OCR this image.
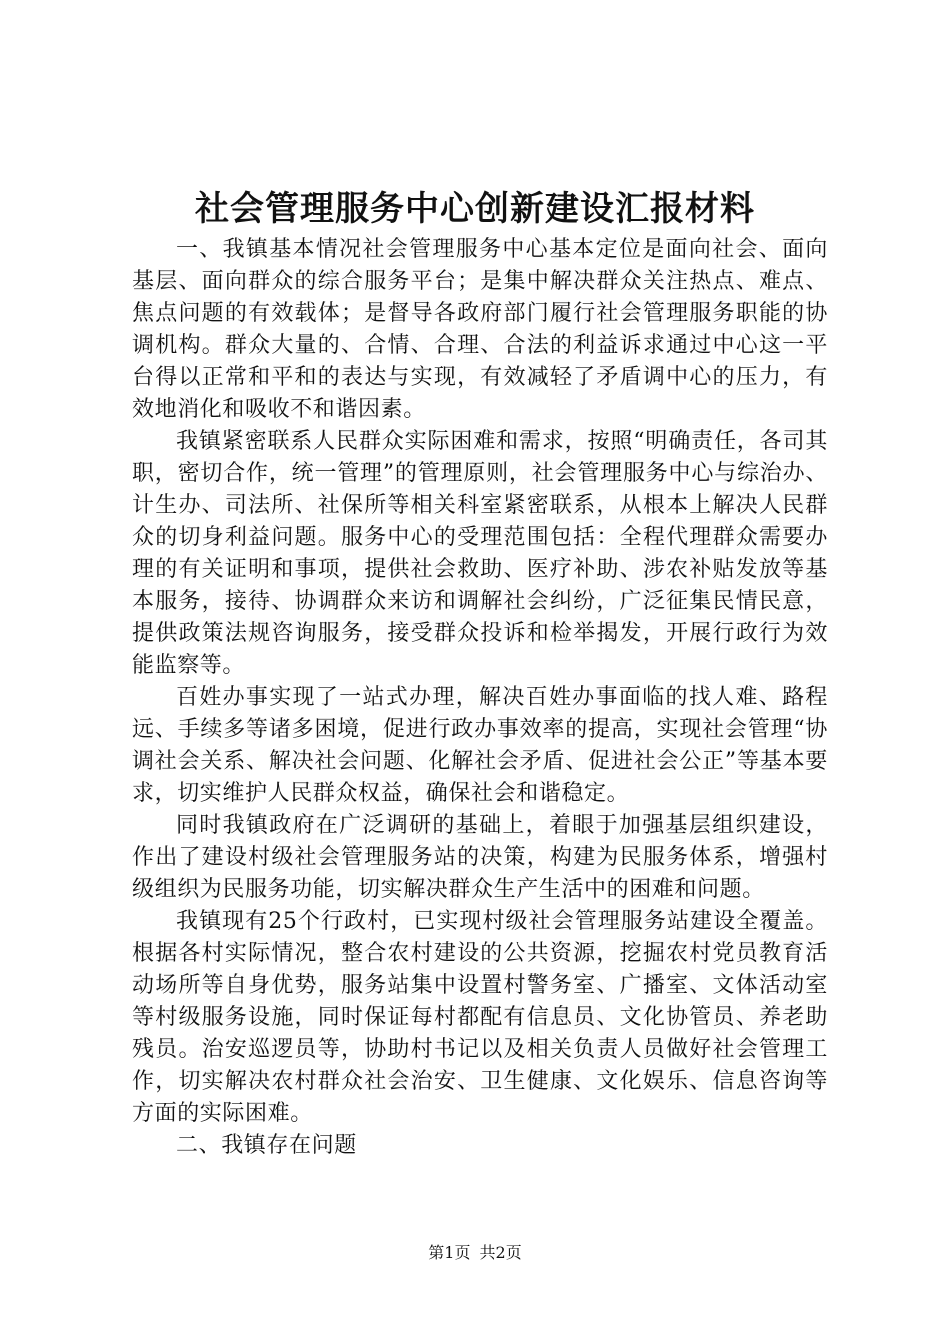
社会管理服务中心创新建设汇报材料

一、我镇基本情况社会管理服务中心基本定位是面向社会、面向基层、面向群众的综合服务平台；是集中解决群众关注热点、难点、焦点问题的有效载体；是督导各政府部门履行社会管理服务职能的协调机构。群众大量的、合情、合理、合法的利益诉求通过中心这一平台得以正常和平和的表达与实现，有效减轻了矛盾调中心的压力，有效地消化和吸收不和谐因素。

我镇紧密联系人民群众实际困难和需求，按照“明确责任，各司其职，密切合作，统一管理”的管理原则，社会管理服务中心与综治办、计生办、司法所、社保所等相关科室紧密联系，从根本上解决人民群众的切身利益问题。服务中心的受理范围包括：全程代理群众需要办理的有关证明和事项，提供社会救助、医疗补助、涉农补贴发放等基本服务，接待、协调群众来访和调解社会纠纷，广泛征集民情民意，提供政策法规咨询服务，接受群众投诉和检举揭发，开展行政行为效能监察等。

百姓办事实现了一站式办理，解决百姓办事面临的找人难、路程远、手续多等诸多困境，促进行政办事效率的提高，实现社会管理“协调社会关系、解决社会问题、化解社会矛盾、促进社会公正”等基本要求，切实维护人民群众权益，确保社会和谐稳定。

同时我镇政府在广泛调研的基础上，着眼于加强基层组织建设，作出了建设村级社会管理服务站的决策，构建为民服务体系，增强村级组织为民服务功能，切实解决群众生产生活中的困难和问题。

我镇现有25个行政村，已实现村级社会管理服务站建设全覆盖。根据各村实际情况，整合农村建设的公共资源，挖掘农村党员教育活动场所等自身优势，服务站集中设置村警务室、广播室、文体活动室等村级服务设施，同时保证每村都配有信息员、文化协管员、养老助残员。治安巡逻员等，协助村书记以及相关负责人员做好社会管理工作，切实解决农村群众社会治安、卫生健康、文化娱乐、信息咨询等方面的实际困难。

二、我镇存在问题

第1页 共2页
